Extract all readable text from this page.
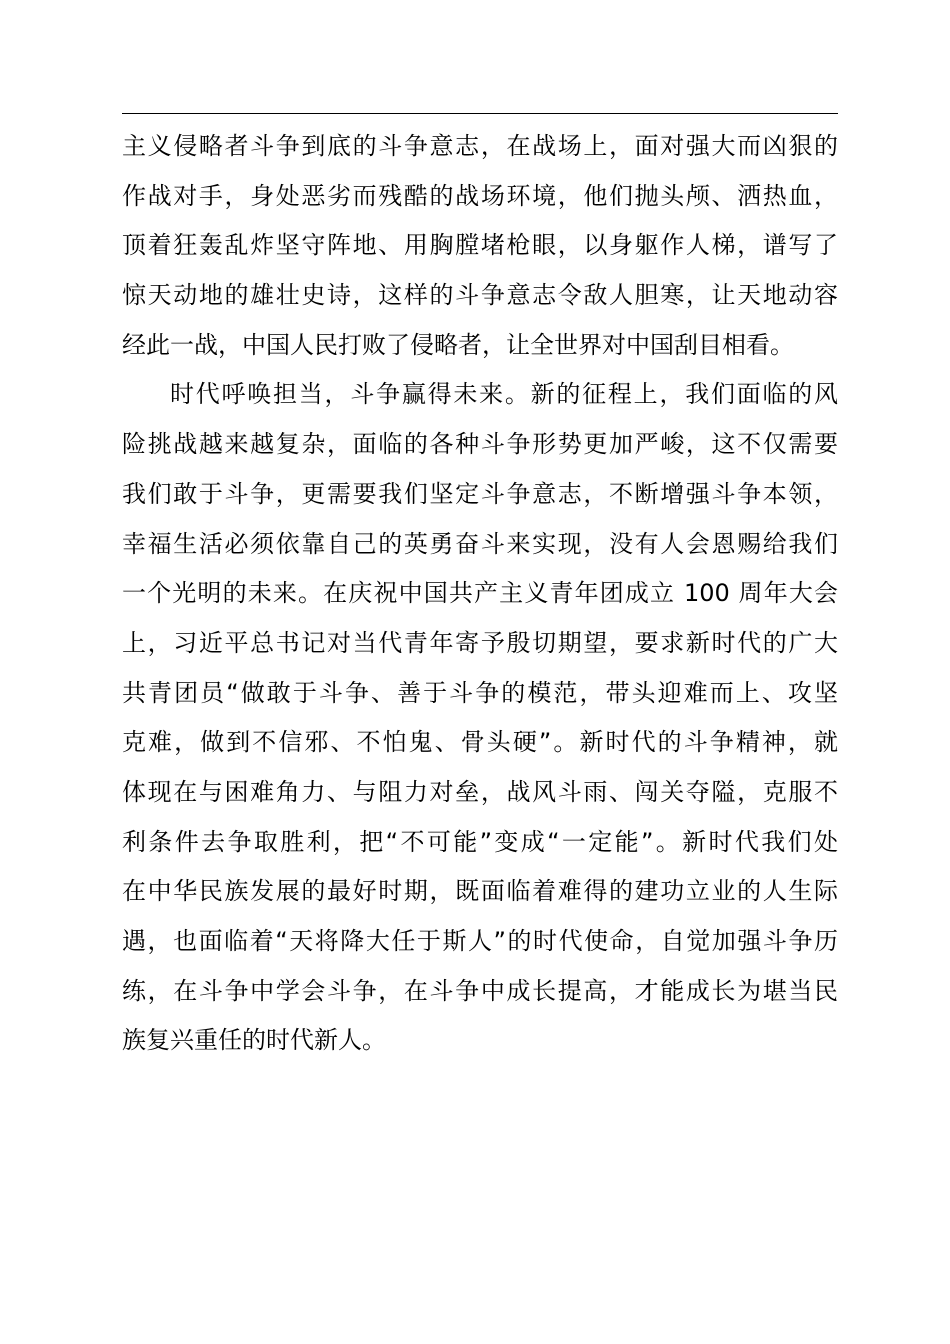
主义侵略者斗争到底的斗争意志，在战场上，面对强大而凶狠的
作战对手，身处恶劣而残酷的战场环境，他们抛头颅、洒热血，
顶着狂轰乱炸坚守阵地、用胸膛堵枪眼，以身躯作人梯，谱写了
惊天动地的雄壮史诗，这样的斗争意志令敌人胆寒，让天地动容
经此一战，中国人民打败了侵略者，让全世界对中国刮目相看。
时代呼唤担当，斗争赢得未来。新的征程上，我们面临的风
险挑战越来越复杂，面临的各种斗争形势更加严峻，这不仅需要
我们敢于斗争，更需要我们坚定斗争意志，不断增强斗争本领，
幸福生活必须依靠自己的英勇奋斗来实现，没有人会恩赐给我们
一个光明的未来。在庆祝中国共产主义青年团成立 100 周年大会
上，习近平总书记对当代青年寄予殷切期望，要求新时代的广大
共青团员“做敢于斗争、善于斗争的模范，带头迎难而上、攻坚
克难，做到不信邪、不怕鬼、骨头硬”。新时代的斗争精神，就
体现在与困难角力、与阻力对垒，战风斗雨、闯关夺隘，克服不
利条件去争取胜利，把“不可能”变成“一定能”。新时代我们处
在中华民族发展的最好时期，既面临着难得的建功立业的人生际
遇，也面临着“天将降大任于斯人”的时代使命，自觉加强斗争历
练，在斗争中学会斗争，在斗争中成长提高，才能成长为堪当民
族复兴重任的时代新人。
